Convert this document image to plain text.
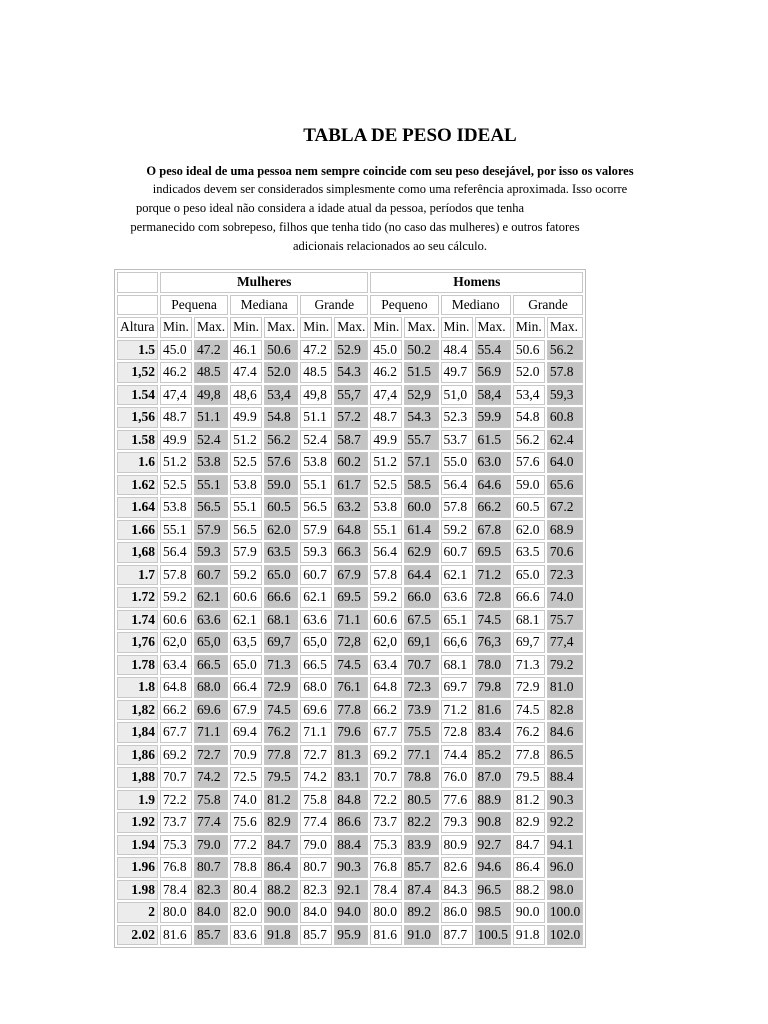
TABLA DE PESO IDEAL
O peso ideal de uma pessoa nem sempre coincide com seu peso desejável, por isso os valores
indicados devem ser considerados simplesmente como uma referência aproximada. Isso ocorre
porque o peso ideal não considera a idade atual da pessoa, períodos que tenha
permanecido com sobrepeso, filhos que tenha tido (no caso das mulheres) e outros fatores
adicionais relacionados ao seu cálculo.
	Mulheres						Homens					
	Pequena		Mediana		Grande		Pequeno		Mediano		Grande	
Altura	Min.	Max.	Min.	Max.	Min.	Max.	Min.	Max.	Min.	Max.	Min.	Max.
1.5	45.0	47.2	46.1	50.6	47.2	52.9	45.0	50.2	48.4	55.4	50.6	56.2
1,52	46.2	48.5	47.4	52.0	48.5	54.3	46.2	51.5	49.7	56.9	52.0	57.8
1.54	47,4	49,8	48,6	53,4	49,8	55,7	47,4	52,9	51,0	58,4	53,4	59,3
1,56	48.7	51.1	49.9	54.8	51.1	57.2	48.7	54.3	52.3	59.9	54.8	60.8
1.58	49.9	52.4	51.2	56.2	52.4	58.7	49.9	55.7	53.7	61.5	56.2	62.4
1.6	51.2	53.8	52.5	57.6	53.8	60.2	51.2	57.1	55.0	63.0	57.6	64.0
1.62	52.5	55.1	53.8	59.0	55.1	61.7	52.5	58.5	56.4	64.6	59.0	65.6
1.64	53.8	56.5	55.1	60.5	56.5	63.2	53.8	60.0	57.8	66.2	60.5	67.2
1.66	55.1	57.9	56.5	62.0	57.9	64.8	55.1	61.4	59.2	67.8	62.0	68.9
1,68	56.4	59.3	57.9	63.5	59.3	66.3	56.4	62.9	60.7	69.5	63.5	70.6
1.7	57.8	60.7	59.2	65.0	60.7	67.9	57.8	64.4	62.1	71.2	65.0	72.3
1.72	59.2	62.1	60.6	66.6	62.1	69.5	59.2	66.0	63.6	72.8	66.6	74.0
1.74	60.6	63.6	62.1	68.1	63.6	71.1	60.6	67.5	65.1	74.5	68.1	75.7
1,76	62,0	65,0	63,5	69,7	65,0	72,8	62,0	69,1	66,6	76,3	69,7	77,4
1.78	63.4	66.5	65.0	71.3	66.5	74.5	63.4	70.7	68.1	78.0	71.3	79.2
1.8	64.8	68.0	66.4	72.9	68.0	76.1	64.8	72.3	69.7	79.8	72.9	81.0
1,82	66.2	69.6	67.9	74.5	69.6	77.8	66.2	73.9	71.2	81.6	74.5	82.8
1,84	67.7	71.1	69.4	76.2	71.1	79.6	67.7	75.5	72.8	83.4	76.2	84.6
1,86	69.2	72.7	70.9	77.8	72.7	81.3	69.2	77.1	74.4	85.2	77.8	86.5
1,88	70.7	74.2	72.5	79.5	74.2	83.1	70.7	78.8	76.0	87.0	79.5	88.4
1.9	72.2	75.8	74.0	81.2	75.8	84.8	72.2	80.5	77.6	88.9	81.2	90.3
1.92	73.7	77.4	75.6	82.9	77.4	86.6	73.7	82.2	79.3	90.8	82.9	92.2
1.94	75.3	79.0	77.2	84.7	79.0	88.4	75.3	83.9	80.9	92.7	84.7	94.1
1.96	76.8	80.7	78.8	86.4	80.7	90.3	76.8	85.7	82.6	94.6	86.4	96.0
1.98	78.4	82.3	80.4	88.2	82.3	92.1	78.4	87.4	84.3	96.5	88.2	98.0
2	80.0	84.0	82.0	90.0	84.0	94.0	80.0	89.2	86.0	98.5	90.0	100.0
2.02	81.6	85.7	83.6	91.8	85.7	95.9	81.6	91.0	87.7	100.5	91.8	102.0
